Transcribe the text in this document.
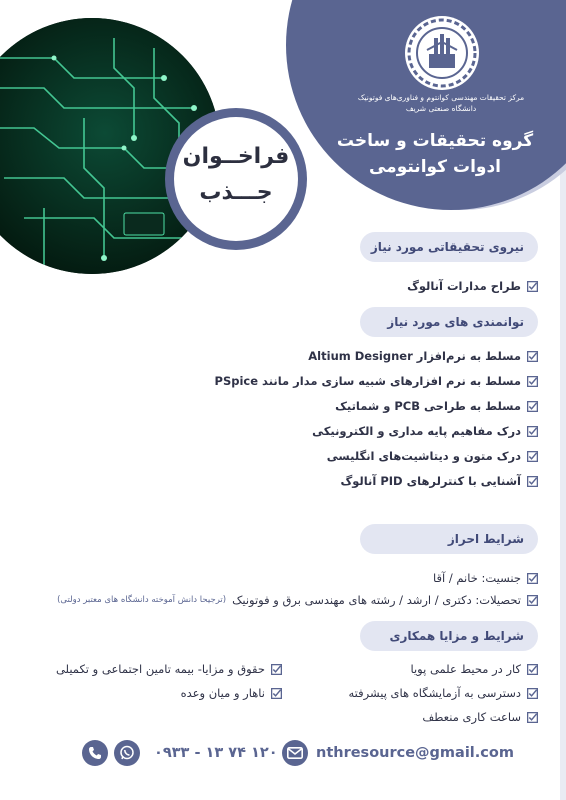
مرکز تحقیقات مهندسی کوانتوم و فناوری‌های فوتونیک
دانشگاه صنعتی شریف
گروه تحقیقات و ساخت
ادوات کوانتومی
فراخــوان
جـــذب
نیروی تحقیقاتی مورد نیاز
طراح مدارات آنالوگ
توانمندی های مورد نیاز
مسلط به نرم‌افزار Altium Designer
مسلط به نرم افزارهای شبیه سازی مدار مانند PSpice
مسلط به طراحی PCB و شماتیک
درک مفاهیم پایه مداری و الکترونیکی
درک متون و دیتاشیت‌های انگلیسی
آشنایی با کنترلرهای PID آنالوگ
شرایط احراز
جنسیت: خانم / آقا
تحصیلات: دکتری / ارشد / رشته های مهندسی برق و فوتونیک
(ترجیحا دانش آموخته دانشگاه های معتبر دولتی)
شرایط و مزایا همکاری
کار در محیط علمی پویا
دسترسی به آزمایشگاه های پیشرفته
ساعت کاری منعطف
حقوق و مزایا- بیمه تامین اجتماعی و تکمیلی
ناهار و میان وعده
nthresource@gmail.com
۰۹۳۳ - ۱۳ ۷۴ ۱۲۰
